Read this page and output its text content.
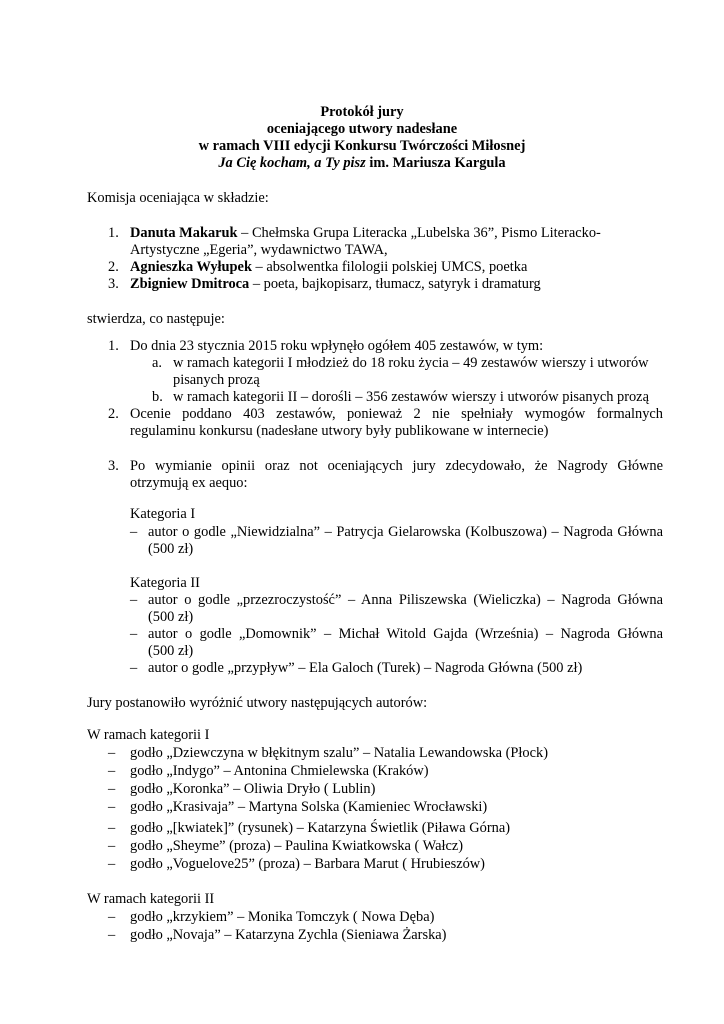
Protokół jury
oceniającego utwory nadesłane
w ramach VIII edycji Konkursu Twórczości Miłosnej
Ja Cię kocham, a Ty pisz im. Mariusza Kargula
Komisja oceniająca w składzie:
1. Danuta Makaruk – Chełmska Grupa Literacka „Lubelska 36”, Pismo Literacko-
Artystyczne „Egeria”, wydawnictwo TAWA,
2. Agnieszka Wyłupek – absolwentka filologii polskiej UMCS, poetka
3. Zbigniew Dmitroca – poeta, bajkopisarz, tłumacz, satyryk i dramaturg
stwierdza, co następuje:
1. Do dnia 23 stycznia 2015 roku wpłynęło ogółem 405 zestawów, w tym:
a. w ramach kategorii I młodzież do 18 roku życia – 49 zestawów wierszy i utworów
pisanych prozą
b. w ramach kategorii II – dorośli – 356 zestawów wierszy i utworów pisanych prozą
2. Ocenie poddano 403 zestawów, ponieważ 2 nie spełniały wymogów formalnych
regulaminu konkursu (nadesłane utwory były publikowane w internecie)
3. Po wymianie opinii oraz not oceniających jury zdecydowało, że Nagrody Główne
otrzymują ex aequo:
Kategoria I
– autor o godle „Niewidzialna” – Patrycja Gielarowska (Kolbuszowa) – Nagroda Główna
(500 zł)
Kategoria II
– autor o godle „przezroczystość” – Anna Piliszewska (Wieliczka) – Nagroda Główna
(500 zł)
– autor o godle „Domownik” – Michał Witold Gajda (Września) – Nagroda Główna
(500 zł)
– autor o godle „przypływ” – Ela Galoch (Turek) – Nagroda Główna (500 zł)
Jury postanowiło wyróżnić utwory następujących autorów:
W ramach kategorii I
– godło „Dziewczyna w błękitnym szalu” – Natalia Lewandowska (Płock)
– godło „Indygo” – Antonina Chmielewska (Kraków)
– godło „Koronka” – Oliwia Dryło ( Lublin)
– godło „Krasivaja” – Martyna Solska (Kamieniec Wrocławski)
– godło „[kwiatek]” (rysunek) – Katarzyna Świetlik (Piława Górna)
– godło „Sheyme” (proza) – Paulina Kwiatkowska ( Wałcz)
– godło „Voguelove25” (proza) – Barbara Marut ( Hrubieszów)
W ramach kategorii II
– godło „krzykiem” – Monika Tomczyk ( Nowa Dęba)
– godło „Novaja” – Katarzyna Zychla (Sieniawa Żarska)
